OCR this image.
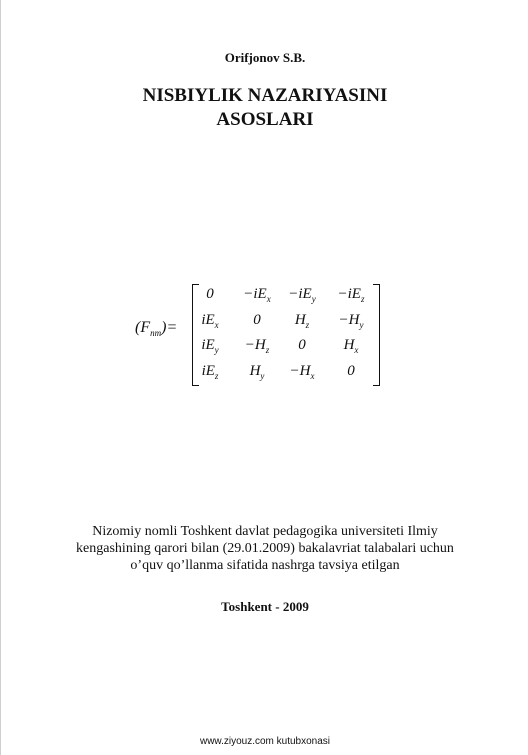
Orifjonov S.B.
NISBIYLIK NAZARIYASINI
ASOSLARI
$(F_{nm})=$
0	$-iE_x$	$-iE_y$	$-iE_z$
$iE_x$	0	$H_z$	$-H_y$
$iE_y$	$-H_z$	0	$H_x$
$iE_z$	$H_y$	$-H_x$	0
Nizomiy nomli Toshkent davlat pedagogika universiteti Ilmiy
kengashining qarori bilan (29.01.2009) bakalavriat talabalari uchun
o’quv qo’llanma sifatida nashrga tavsiya etilgan
Toshkent - 2009
www.ziyouz.com kutubxonasi
